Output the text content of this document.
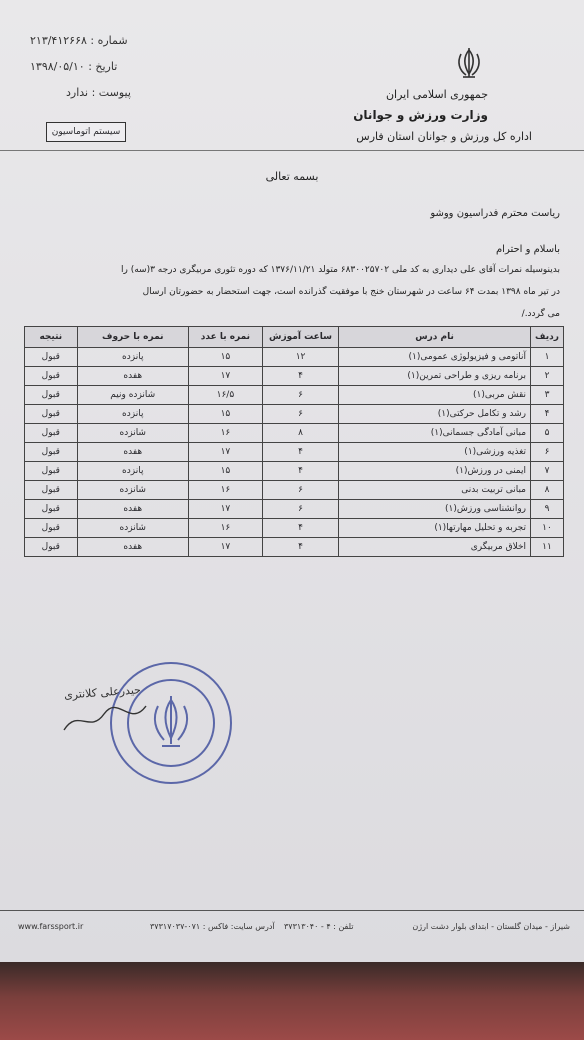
شماره : ۲۱۳/۴۱۲۶۶۸
تاریخ : ۱۳۹۸/۰۵/۱۰
پیوست : ندارد
سیستم اتوماسیون
جمهوری اسلامی ایران
وزارت ورزش و جوانان
اداره کل ورزش و جوانان استان فارس
بسمه تعالی
ریاست محترم فدراسیون ووشو
باسلام و احترام
بدینوسیله نمرات آقای علی دیداری به کد ملی ۶۸۳۰۰۲۵۷۰۲ متولد ۱۳۷۶/۱۱/۲۱ که دوره تئوری مربیگری درجه ۳(سه) را
در تیر ماه ۱۳۹۸ بمدت ۶۴ ساعت در شهرستان خنج با موفقیت گذرانده است، جهت استحضار به حضورتان ارسال
می گردد./
ردیف	نام درس	ساعت آموزش	نمره با عدد	نمره با حروف	نتیجه
۱	آناتومی و فیزیولوژی عمومی(۱)	۱۲	۱۵	پانزده	قبول
۲	برنامه ریزی و طراحی تمرین(۱)	۴	۱۷	هفده	قبول
۳	نقش مربی(۱)	۶	۱۶/۵	شانزده ونیم	قبول
۴	رشد و تکامل حرکتی(۱)	۶	۱۵	پانزده	قبول
۵	مبانی آمادگی جسمانی(۱)	۸	۱۶	شانزده	قبول
۶	تغذیه ورزشی(۱)	۴	۱۷	هفده	قبول
۷	ایمنی در ورزش(۱)	۴	۱۵	پانزده	قبول
۸	مبانی تربیت بدنی	۶	۱۶	شانزده	قبول
۹	روانشناسی ورزش(۱)	۶	۱۷	هفده	قبول
۱۰	تجربه و تحلیل مهارتها(۱)	۴	۱۶	شانزده	قبول
۱۱	اخلاق مربیگری	۴	۱۷	هفده	قبول
حیدرعلی کلانتری
www.farssport.ir	آدرس سایت: فاکس : ۰۷۱-۳۷۳۱۷۰۳۷	تلفن : ۴ - ۳۷۳۱۳۰۴۰	شیراز - میدان گلستان - ابتدای بلوار دشت ارژن
